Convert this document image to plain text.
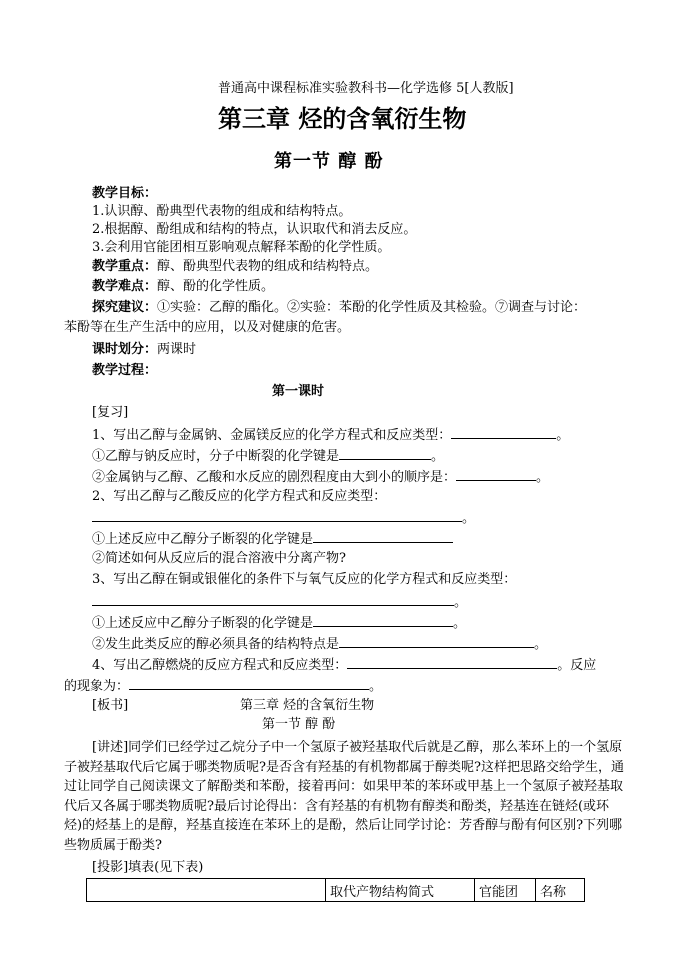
普通高中课程标准实验教科书—化学选修 5[人教版]
第三章 烃的含氧衍生物
第一节 醇 酚
教学目标：
1.认识醇、酚典型代表物的组成和结构特点。
2.根据醇、酚组成和结构的特点，认识取代和消去反应。
3.会利用官能团相互影响观点解释苯酚的化学性质。
教学重点：醇、酚典型代表物的组成和结构特点。
教学难点：醇、酚的化学性质。
探究建议：①实验：乙醇的酯化。②实验：苯酚的化学性质及其检验。⑦调查与讨论：
苯酚等在生产生活中的应用，以及对健康的危害。
课时划分：两课时
教学过程：
第一课时
[复习]
1、写出乙醇与金属钠、金属镁反应的化学方程式和反应类型：	。
①乙醇与钠反应时，分子中断裂的化学键是	。
②金属钠与乙醇、乙酸和水反应的剧烈程度由大到小的顺序是：	。
2、写出乙醇与乙酸反应的化学方程式和反应类型：
。
①上述反应中乙醇分子断裂的化学键是
②简述如何从反应后的混合溶液中分离产物?
3、写出乙醇在铜或银催化的条件下与氧气反应的化学方程式和反应类型：
。
①上述反应中乙醇分子断裂的化学键是	。
②发生此类反应的醇必须具备的结构特点是	。
4、写出乙醇燃烧的反应方程式和反应类型：	。反应
的现象为：	。
[板书]	第三章 烃的含氧衍生物
第一节 醇 酚
[讲述]同学们已经学过乙烷分子中一个氢原子被羟基取代后就是乙醇，那么苯环上的一个氢原子被羟基取代后它属于哪类物质呢?是否含有羟基的有机物都属于醇类呢?这样把思路交给学生，通过让同学自己阅读课文了解酚类和苯酚，接着再问：如果甲苯的苯环或甲基上一个氢原子被羟基取代后又各属于哪类物质呢?最后讨论得出：含有羟基的有机物有醇类和酚类，羟基连在链烃(或环烃)的烃基上的是醇，羟基直接连在苯环上的是酚，然后让同学讨论：芳香醇与酚有何区别?下列哪些物质属于酚类?
[投影]填表(见下表)
	取代产物结构简式	官能团	名称
